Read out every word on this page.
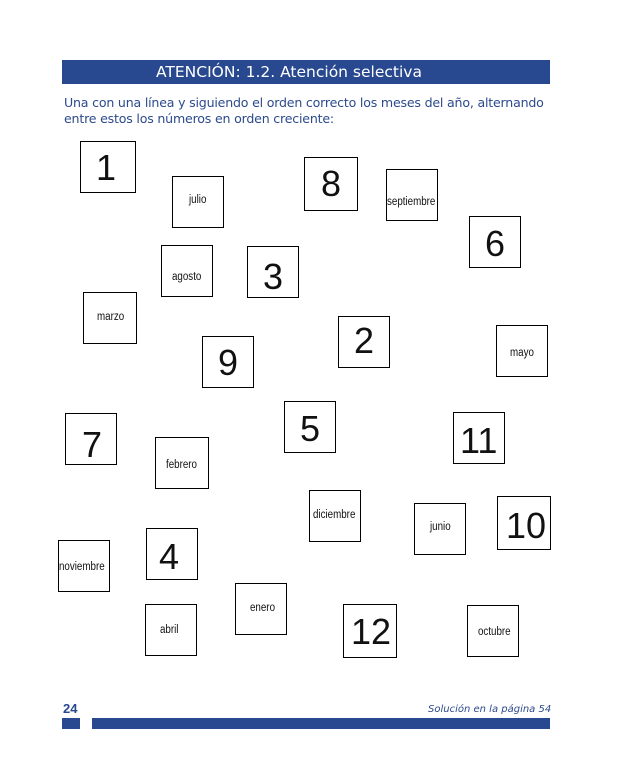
ATENCIÓN: 1.2. Atención selectiva
Una con una línea y siguiendo el orden correcto los meses del año, alternando entre estos los números en orden creciente:
1
julio	8	septiembre
6
agosto 3
marzo
2	mayo
9
7	febrero
5	11
diciembre
junio 10
noviembre 4
enero
abril	12	octubre
24	Solución en la página 54
